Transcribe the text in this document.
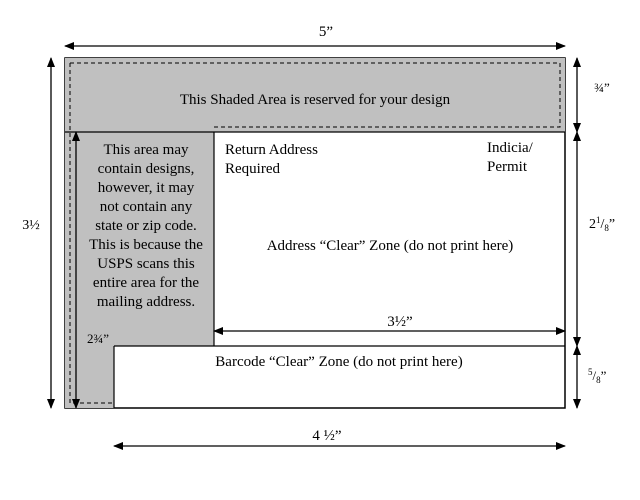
This Shaded Area is reserved for your design
This area may
contain designs,
however, it may
not contain any
state or zip code.
This is because the
USPS scans this
entire area for the
mailing address.
Return Address
Required
Indicia/
Permit
Address “Clear” Zone (do not print here)
Barcode “Clear” Zone (do not print here)
5”
3½
¾”
$2^1/_8$”
$^5/_8$”
3½”
2¾”
4 ½”
